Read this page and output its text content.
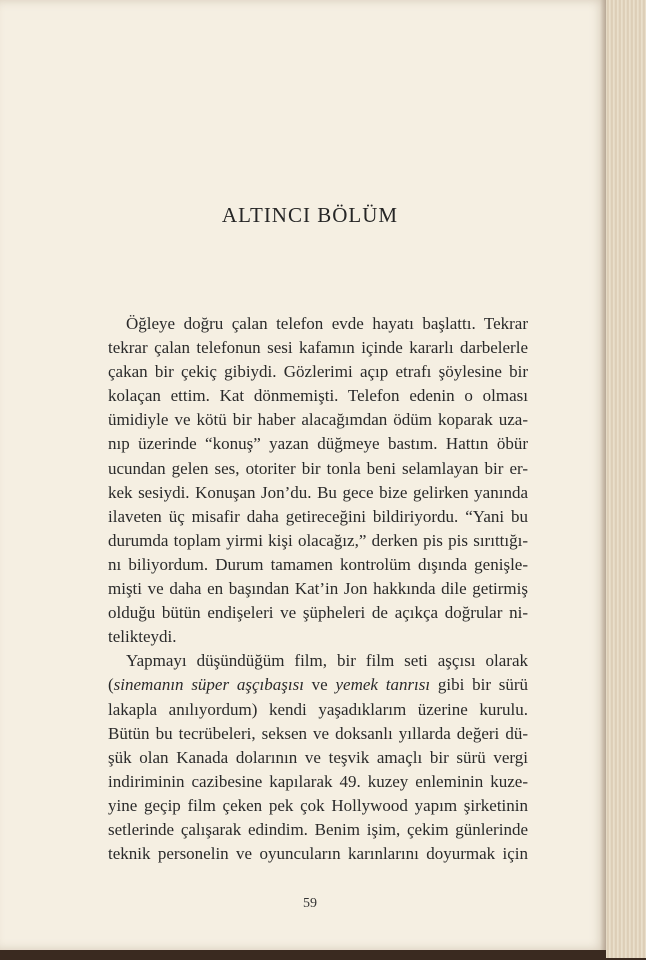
ALTINCI BÖLÜM
Öğleye doğru çalan telefon evde hayatı başlattı. Tekrar
tekrar çalan telefonun sesi kafamın içinde kararlı darbelerle
çakan bir çekiç gibiydi. Gözlerimi açıp etrafı şöylesine bir
kolaçan ettim. Kat dönmemişti. Telefon edenin o olması
ümidiyle ve kötü bir haber alacağımdan ödüm koparak uza-
nıp üzerinde “konuş” yazan düğmeye bastım. Hattın öbür
ucundan gelen ses, otoriter bir tonla beni selamlayan bir er-
kek sesiydi. Konuşan Jon’du. Bu gece bize gelirken yanında
ilaveten üç misafir daha getireceğini bildiriyordu. “Yani bu
durumda toplam yirmi kişi olacağız,” derken pis pis sırıttığı-
nı biliyordum. Durum tamamen kontrolüm dışında genişle-
mişti ve daha en başından Kat’in Jon hakkında dile getirmiş
olduğu bütün endişeleri ve şüpheleri de açıkça doğrular ni-
telikteydi.
Yapmayı düşündüğüm film, bir film seti aşçısı olarak
(sinemanın süper aşçıbaşısı ve yemek tanrısı gibi bir sürü
lakapla anılıyordum) kendi yaşadıklarım üzerine kurulu.
Bütün bu tecrübeleri, seksen ve doksanlı yıllarda değeri dü-
şük olan Kanada dolarının ve teşvik amaçlı bir sürü vergi
indiriminin cazibesine kapılarak 49. kuzey enleminin kuze-
yine geçip film çeken pek çok Hollywood yapım şirketinin
setlerinde çalışarak edindim. Benim işim, çekim günlerinde
teknik personelin ve oyuncuların karınlarını doyurmak için
59
